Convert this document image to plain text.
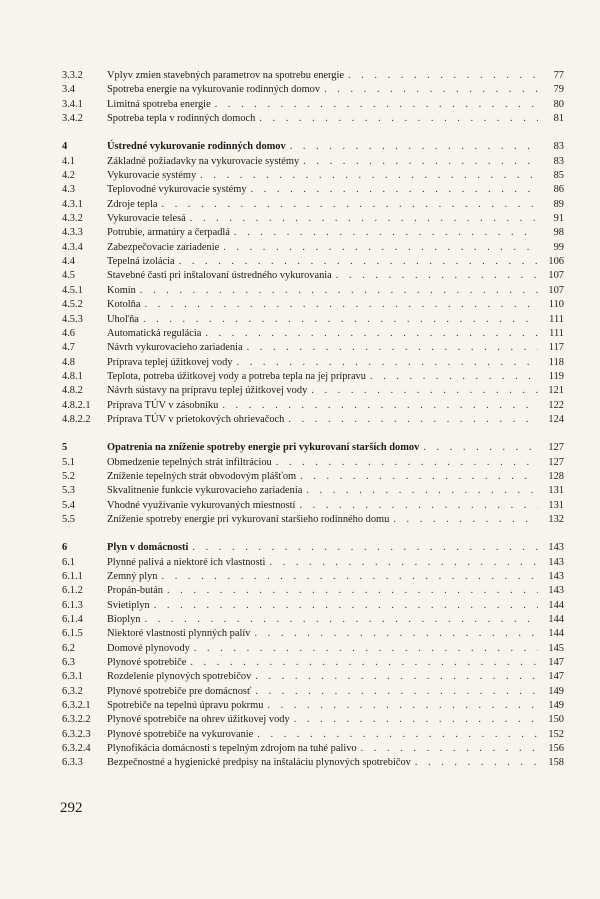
3.3.2	Vplyv zmien stavebných parametrov na spotrebu energie . . .	77
3.4	Spotreba energie na vykurovanie rodinných domov . . .	79
3.4.1	Limitná spotreba energie . . .	80
3.4.2	Spotreba tepla v rodinných domoch . . .	81
4	Ústredné vykurovanie rodinných domov . . .	83
4.1	Základné požiadavky na vykurovacie systémy . . .	83
4.2	Vykurovacie systémy . . .	85
4.3	Teplovodné vykurovacie systémy . . .	86
4.3.1	Zdroje tepla . . .	89
4.3.2	Vykurovacie telesá . . .	91
4.3.3	Potrubie, armatúry a čerpadlá . . .	98
4.3.4	Zabezpečovacie zariadenie . . .	99
4.4	Tepelná izolácia . . .	106
4.5	Stavebné časti pri inštalovaní ústredného vykurovania . . .	107
4.5.1	Komín . . .	107
4.5.2	Kotolňa . . .	110
4.5.3	Uhoľňa . . .	111
4.6	Automatická regulácia . . .	111
4.7	Návrh vykurovacieho zariadenia . . .	117
4.8	Príprava teplej úžitkovej vody . . .	118
4.8.1	Teplota, potreba úžitkovej vody a potreba tepla na jej prípravu . . .	119
4.8.2	Návrh sústavy na prípravu teplej úžitkovej vody . . .	121
4.8.2.1	Príprava TÚV v zásobníku . . .	122
4.8.2.2	Príprava TÚV v prietokových ohrievačoch . . .	124
5	Opatrenia na zníženie spotreby energie pri vykurovaní starších domov . . .	127
5.1	Obmedzenie tepelných strát infiltráciou . . .	127
5.2	Zníženie tepelných strát obvodovým plášťom . . .	128
5.3	Skvalitnenie funkcie vykurovacieho zariadenia . . .	131
5.4	Vhodné využívanie vykurovaných miestností . . .	131
5.5	Zníženie spotreby energie pri vykurovaní staršieho rodinného domu . . .	132
6	Plyn v domácnosti . . .	143
6.1	Plynné palivá a niektoré ich vlastnosti . . .	143
6.1.1	Zemný plyn . . .	143
6.1.2	Propán-bután . . .	143
6.1.3	Svietiplyn . . .	144
6.1.4	Bioplyn . . .	144
6.1.5	Niektoré vlastnosti plynných palív . . .	144
6.2	Domové plynovody . . .	145
6.3	Plynové spotrebiče . . .	147
6.3.1	Rozdelenie plynových spotrebičov . . .	147
6.3.2	Plynové spotrebiče pre domácnosť . . .	149
6.3.2.1	Spotrebiče na tepelnú úpravu pokrmu . . .	149
6.3.2.2	Plynové spotrebiče na ohrev úžitkovej vody . . .	150
6.3.2.3	Plynové spotrebiče na vykurovanie . . .	152
6.3.2.4	Plynofikácia domácnosti s tepelným zdrojom na tuhé palivo . . .	156
6.3.3	Bezpečnostné a hygienické predpisy na inštaláciu plynových spotrebičov . . .	158
292
